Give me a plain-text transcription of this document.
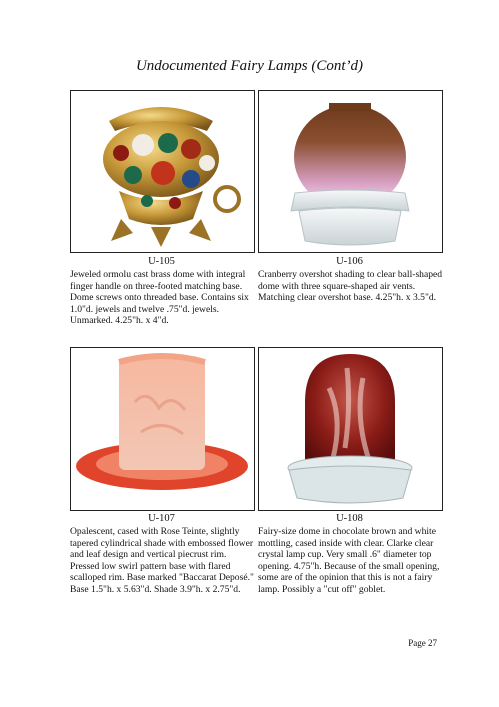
Undocumented Fairy Lamps (Cont’d)
U-105
Jeweled ormolu cast brass dome with integral finger handle on three-footed matching base. Dome screws onto threaded base. Contains six 1.0"d. jewels and twelve .75"d. jewels. Unmarked. 4.25"h. x 4"d.
U-106
Cranberry overshot shading to clear ball-shaped dome with three square-shaped air vents. Matching clear overshot base. 4.25"h. x 3.5"d.
U-107
Opalescent, cased with Rose Teinte, slightly tapered cylindrical shade with embossed flower and leaf design and vertical piecrust rim. Pressed low swirl pattern base with flared scalloped rim. Base marked "Baccarat Deposé." Base 1.5"h. x 5.63"d. Shade 3.9"h. x 2.75"d.
U-108
Fairy-size dome in chocolate brown and white mottling, cased inside with clear. Clarke clear crystal lamp cup. Very small .6" diameter top opening. 4.75"h. Because of the small opening, some are of the opinion that this is not a fairy lamp. Possibly a "cut off" goblet.
Page 27
